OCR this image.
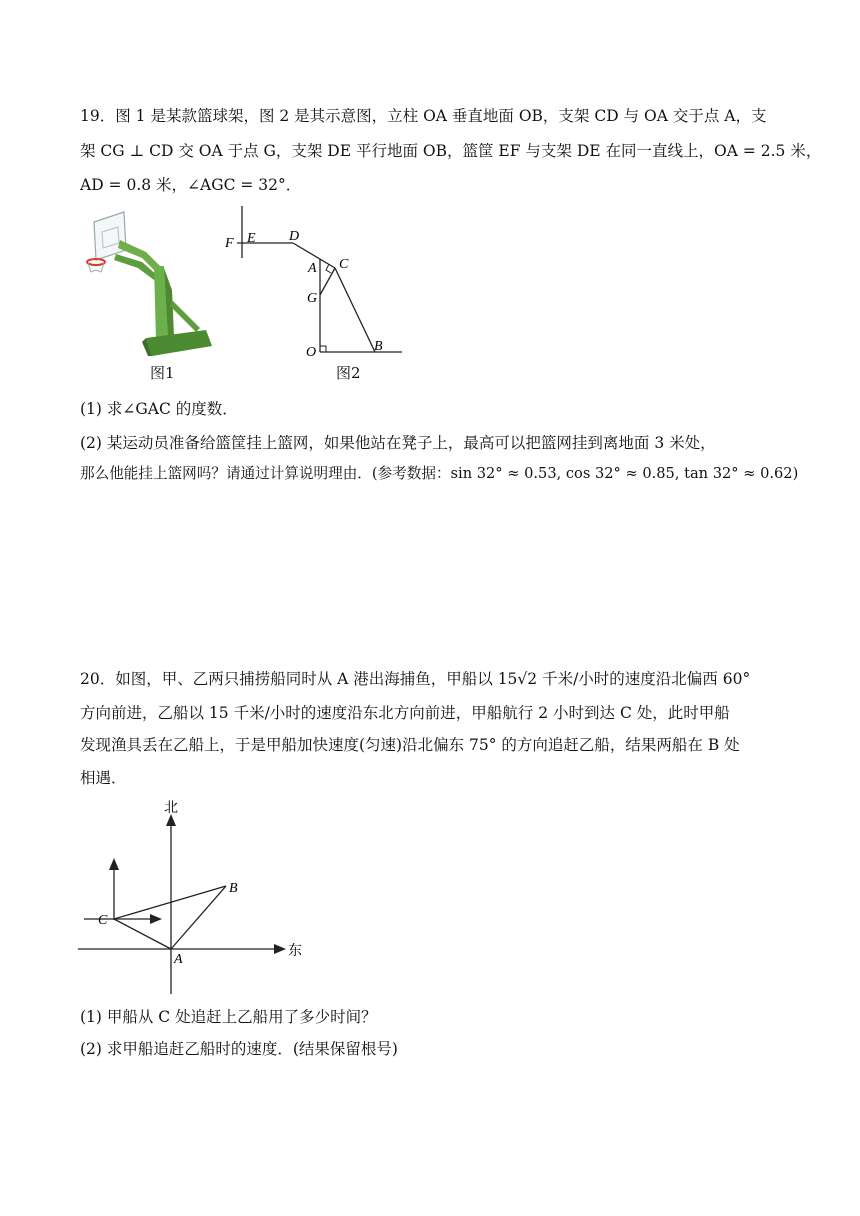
19．图 1 是某款篮球架，图 2 是其示意图，立柱 OA 垂直地面 OB，支架 CD 与 OA 交于点 A，支
架 CG ⊥ CD 交 OA 于点 G，支架 DE 平行地面 OB，篮筐 EF 与支架 DE 在同一直线上，OA = 2.5 米，
AD = 0.8 米，∠AGC = 32°．
图1
F E D
A C
G
O	B
图2
(1) 求∠GAC 的度数．
(2) 某运动员准备给篮筐挂上篮网，如果他站在凳子上，最高可以把篮网挂到离地面 3 米处，
那么他能挂上篮网吗？请通过计算说明理由．(参考数据：sin 32° ≈ 0.53, cos 32° ≈ 0.85, tan 32° ≈ 0.62)
20．如图，甲、乙两只捕捞船同时从 A 港出海捕鱼，甲船以 15√2 千米/小时的速度沿北偏西 60°
方向前进，乙船以 15 千米/小时的速度沿东北方向前进，甲船航行 2 小时到达 C 处，此时甲船
发现渔具丢在乙船上，于是甲船加快速度(匀速)沿北偏东 75° 的方向追赶乙船，结果两船在 B 处
相遇．
北
东
A
B
C
(1) 甲船从 C 处追赶上乙船用了多少时间？
(2) 求甲船追赶乙船时的速度．(结果保留根号)
